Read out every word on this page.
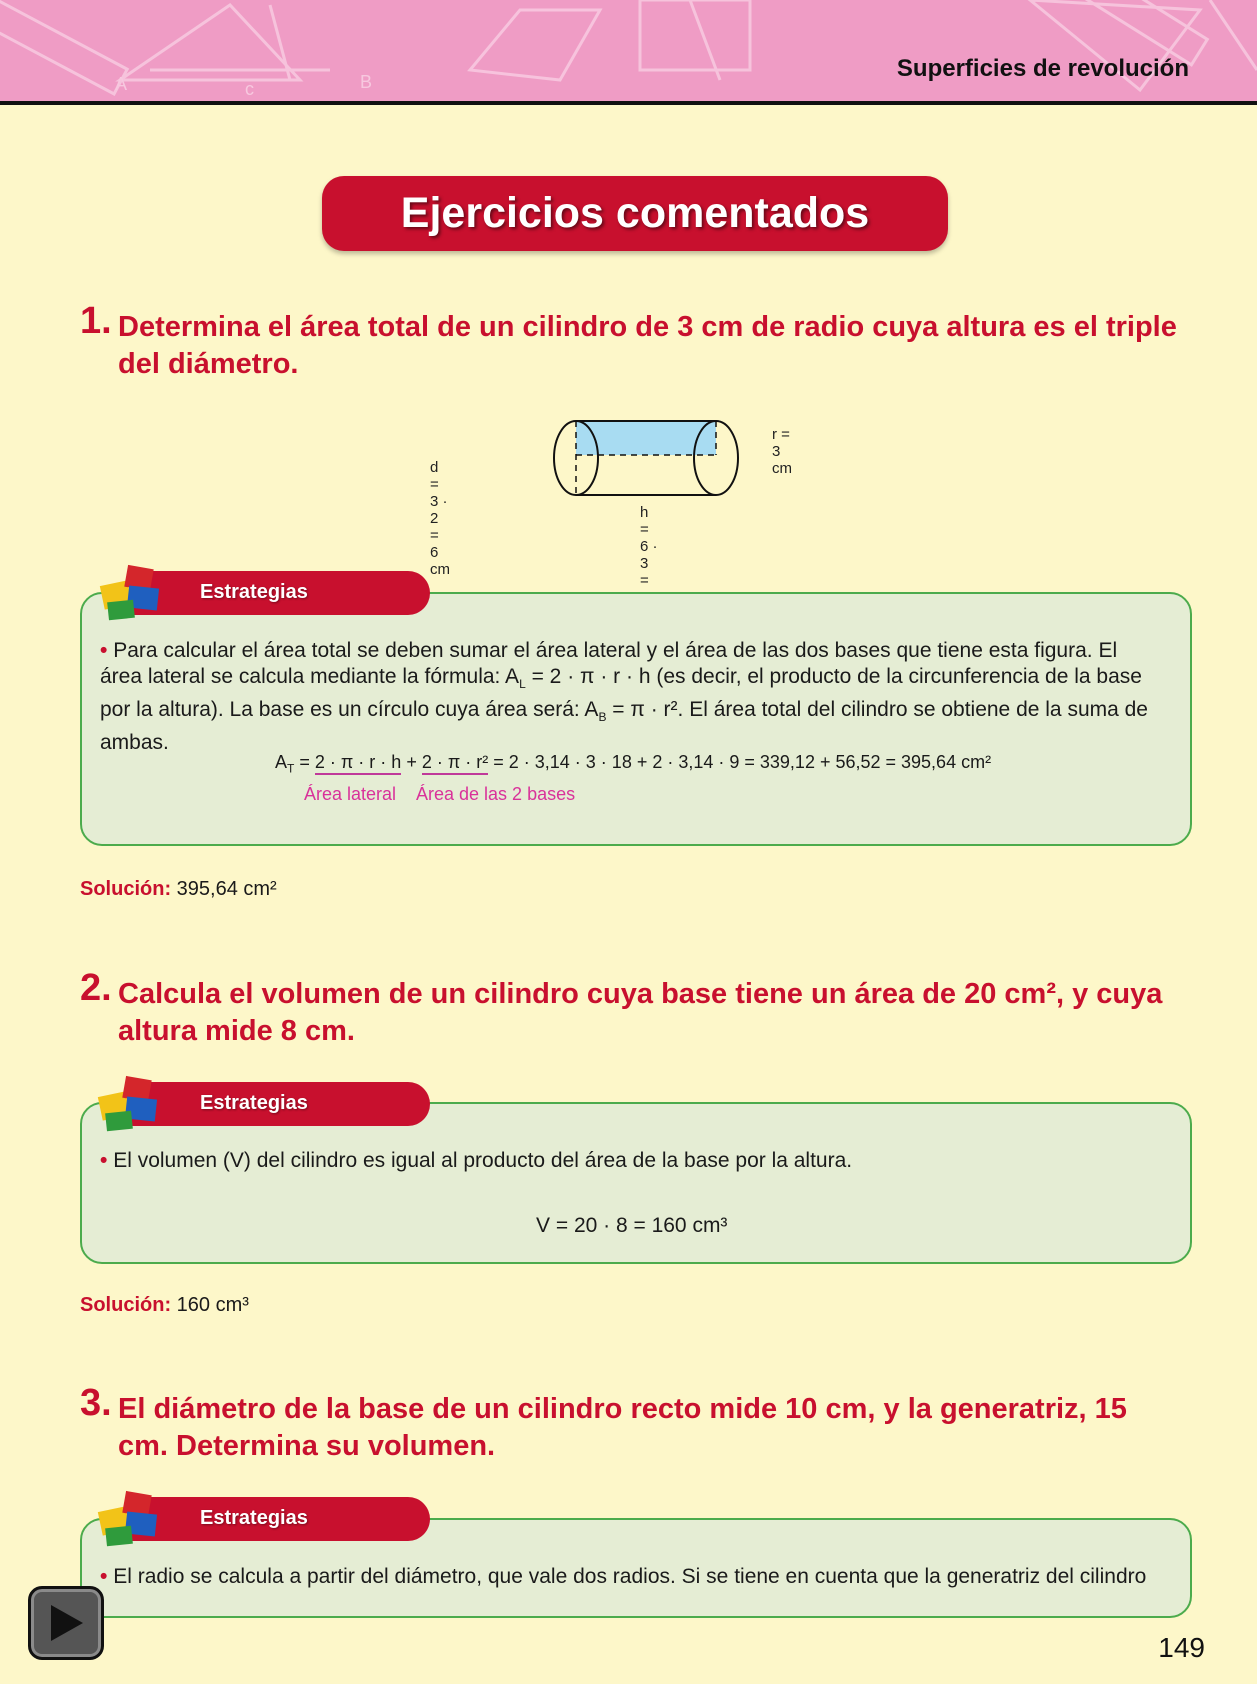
A	B
c
Superficies de revolución
Ejercicios comentados
1. Determina el área total de un cilindro de 3 cm de radio cuya altura es el triple del diámetro.
d = 3 · 2 = 6 cm
r = 3 cm
h = 6 · 3 =
• Para calcular el área total se deben sumar el área lateral y el área de las dos bases que tiene esta figura. El área lateral se calcula mediante la fórmula: $A_L = 2 \cdot \pi \cdot r \cdot h$ (es decir, el producto de la circunferencia de la base por la altura). La base es un círculo cuya área será: $A_B = \pi \cdot r^2$. El área total del cilindro se obtiene de la suma de ambas.
$A_T = 2 \cdot \pi \cdot r \cdot h + 2 \cdot \pi \cdot r^2 = 2 \cdot 3,14 \cdot 3 \cdot 18 + 2 \cdot 3,14 \cdot 9 = 339,12 + 56,52 = 395,64$ cm²
Área lateral Área de las 2 bases
Estrategias
Solución: 395,64 cm²
2. Calcula el volumen de un cilindro cuya base tiene un área de 20 cm², y cuya altura mide 8 cm.
• El volumen (V) del cilindro es igual al producto del área de la base por la altura.
V = 20 · 8 = 160 cm³
Estrategias
Solución: 160 cm³
3. El diámetro de la base de un cilindro recto mide 10 cm, y la generatriz, 15 cm. Determina su volumen.
• El radio se calcula a partir del diámetro, que vale dos radios. Si se tiene en cuenta que la generatriz del cilindro
Estrategias
149
